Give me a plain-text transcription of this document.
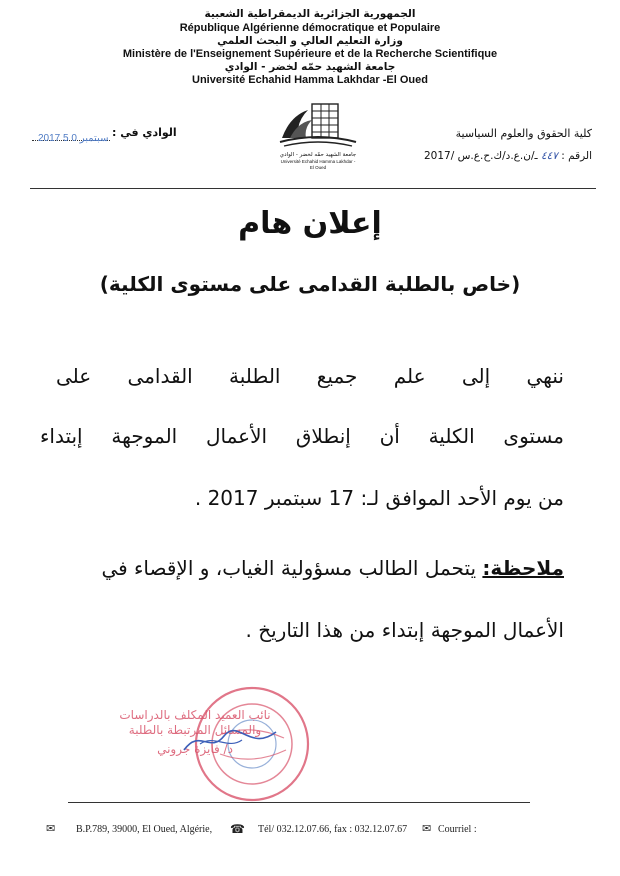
الجمهورية الجزائرية الديمقراطية الشعبية
République Algérienne démocratique et Populaire
وزارة التعليم العالي و البحث العلمي
Ministère de l'Enseignement Supérieure et de la Recherche Scientifique
جامعة الشهيد حمّه لخضر - الوادي
Université Echahid Hamma Lakhdar -El Oued
كلية الحقوق والعلوم السياسية
الرقم : ٤٤٧ ‫ـ/ن.ع.د/ك.ح.ع.س /2017
جامعة الشهيد حمّه لخضر - الوادي
Université Echahid Hamma Lakhdar - El Oued
الوادي في :
2017 سبتمبر 0 5
إعلان هام
(خاص بالطلبة القدامى على مستوى الكلية)
ننهي إلى علم جميع الطلبة القدامى على
مستوى الكلية أن إنطلاق الأعمال الموجهة إبتداء
من يوم الأحد الموافق لـ: 17 سبتمبر 2017 .
ملاحظة: يتحمل الطالب مسؤولية الغياب، و الإقصاء في
الأعمال الموجهة إبتداء من هذا التاريخ .
نائب العميد المكلف بالدراسات
والمسائل المرتبطة بالطلبة
د/ فايزة جروني
✉ B.P.789, 39000, El Oued, Algérie, ☎ Tél/ 032.12.07.66, fax : 032.12.07.67 ✉ Courriel :
